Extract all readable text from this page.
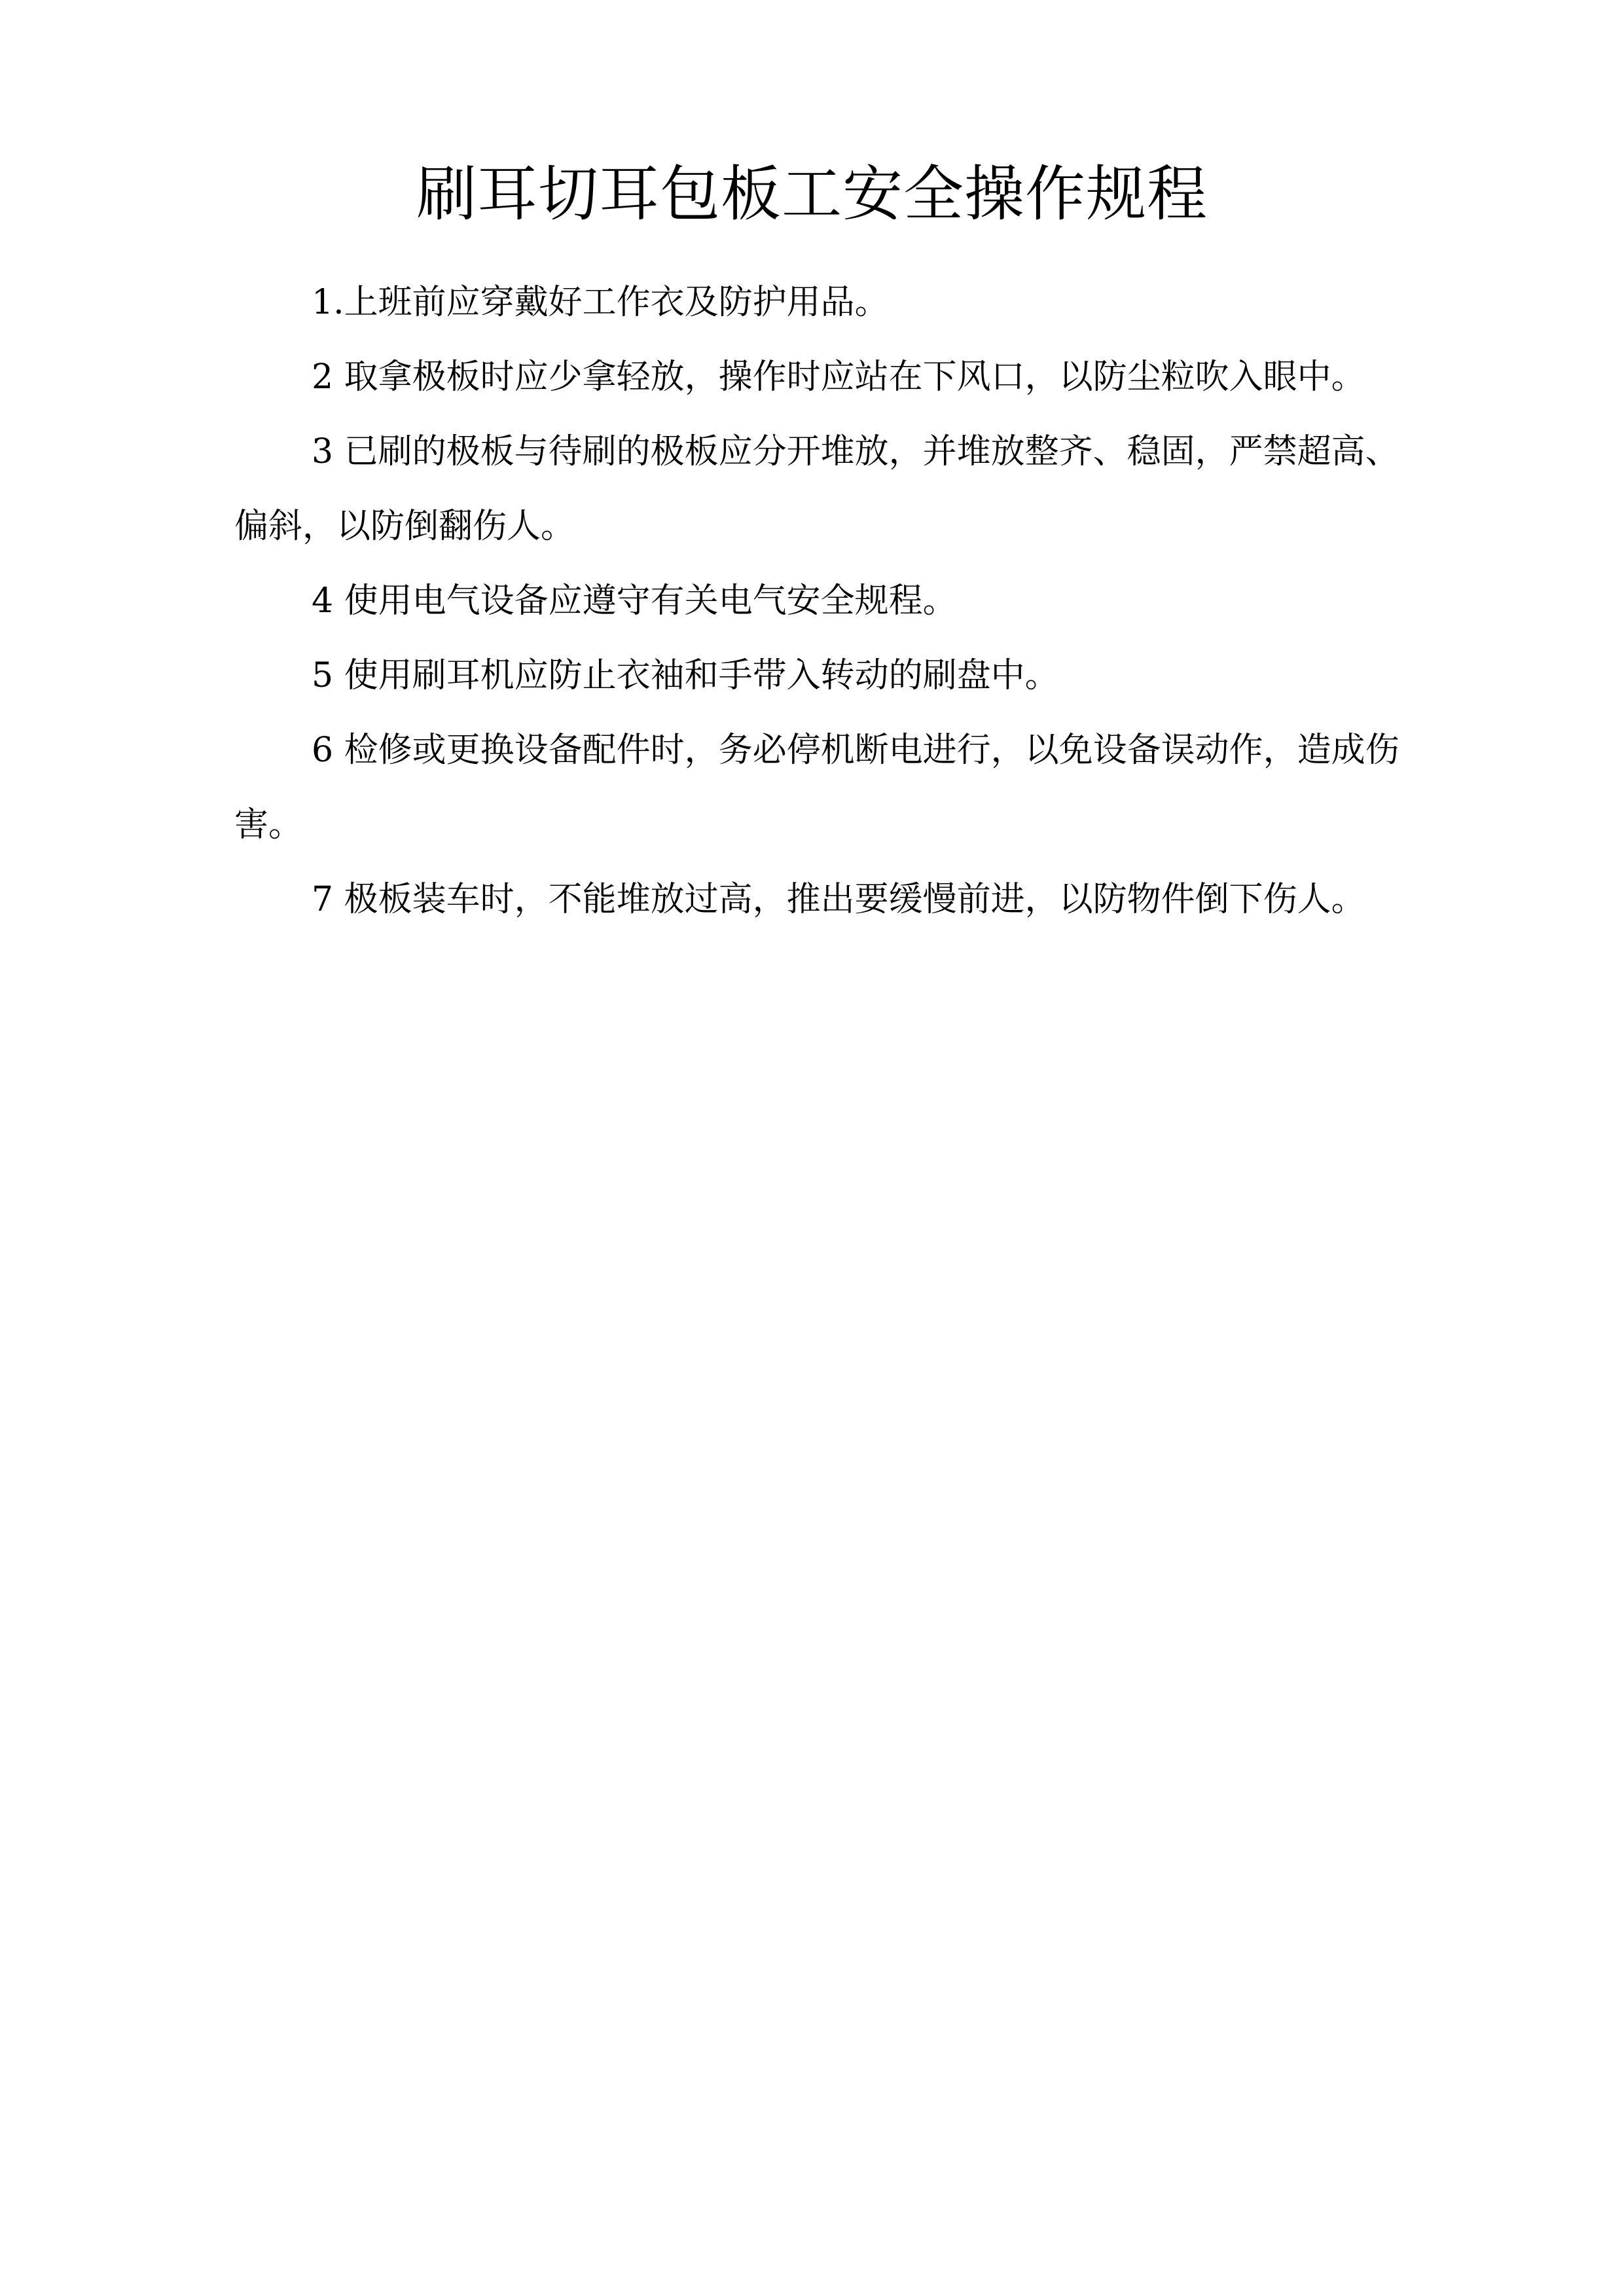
刷耳切耳包板工安全操作规程

1.上班前应穿戴好工作衣及防护用品。

2 取拿极板时应少拿轻放，操作时应站在下风口，以防尘粒吹入眼中。

3 已刷的极板与待刷的极板应分开堆放，并堆放整齐、稳固，严禁超高、偏斜，以防倒翻伤人。

4 使用电气设备应遵守有关电气安全规程。

5 使用刷耳机应防止衣袖和手带入转动的刷盘中。

6 检修或更换设备配件时，务必停机断电进行，以免设备误动作，造成伤害。

7 极板装车时，不能堆放过高，推出要缓慢前进，以防物件倒下伤人。
